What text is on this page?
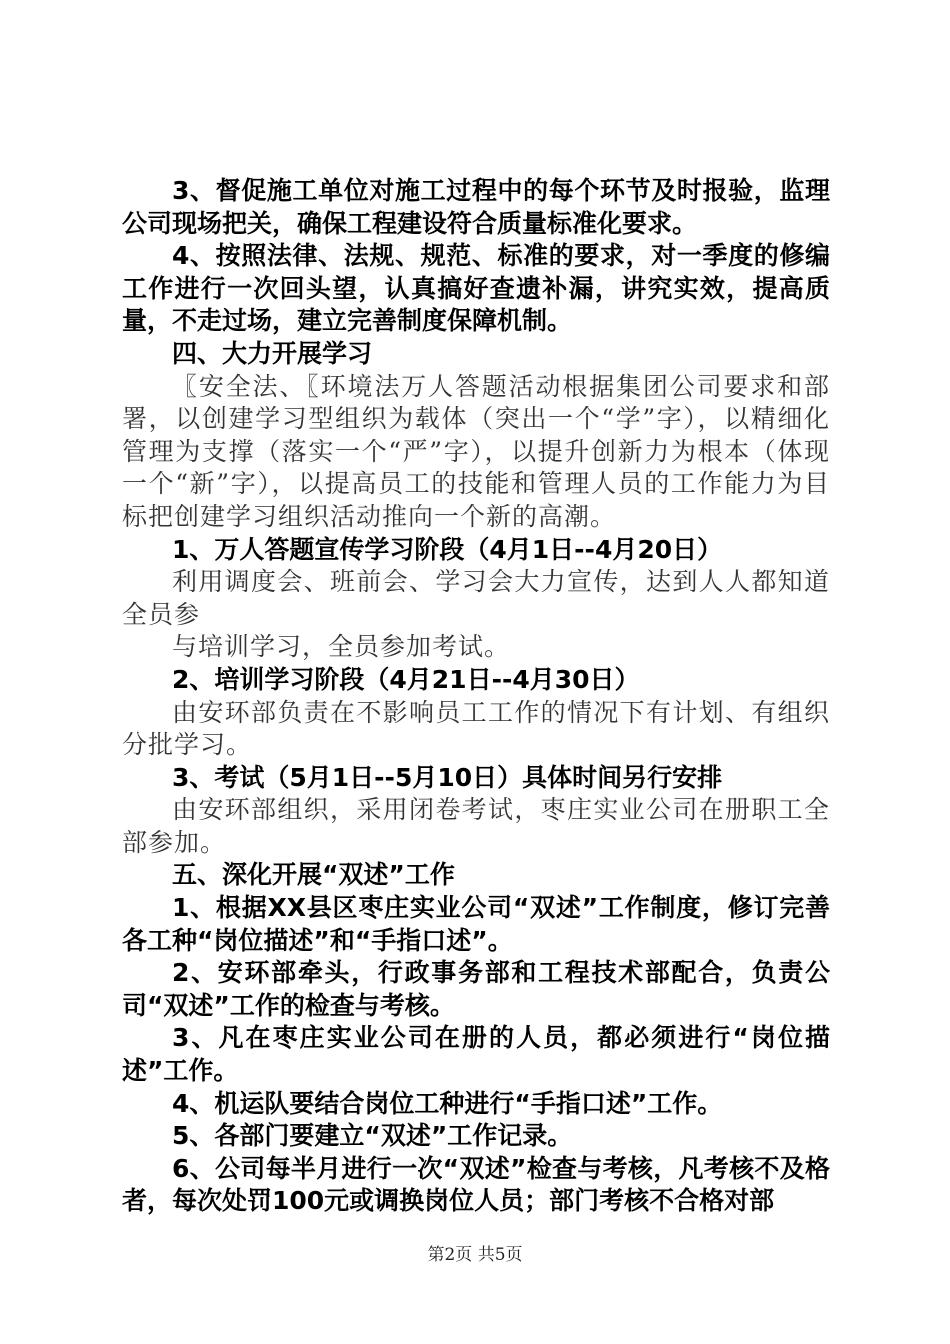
3、督促施工单位对施工过程中的每个环节及时报验，监理公司现场把关，确保工程建设符合质量标准化要求。

4、按照法律、法规、规范、标准的要求，对一季度的修编工作进行一次回头望，认真搞好查遗补漏，讲究实效，提高质量，不走过场，建立完善制度保障机制。

四、大力开展学习

〖安全法、〖环境法万人答题活动根据集团公司要求和部署，以创建学习型组织为载体（突出一个“学”字），以精细化管理为支撑（落实一个“严”字），以提升创新力为根本（体现一个“新”字），以提高员工的技能和管理人员的工作能力为目标把创建学习组织活动推向一个新的高潮。

1、万人答题宣传学习阶段（4月1日--4月20日）

利用调度会、班前会、学习会大力宣传，达到人人都知道全员参

与培训学习，全员参加考试。

2、培训学习阶段（4月21日--4月30日）

由安环部负责在不影响员工工作的情况下有计划、有组织分批学习。

3、考试（5月1日--5月10日）具体时间另行安排

由安环部组织，采用闭卷考试，枣庄实业公司在册职工全部参加。

五、深化开展“双述”工作

1、根据XX县区枣庄实业公司“双述”工作制度，修订完善各工种“岗位描述”和“手指口述”。

2、安环部牵头，行政事务部和工程技术部配合，负责公司“双述”工作的检查与考核。

3、凡在枣庄实业公司在册的人员，都必须进行“岗位描述”工作。

4、机运队要结合岗位工种进行“手指口述”工作。

5、各部门要建立“双述”工作记录。

6、公司每半月进行一次“双述”检查与考核，凡考核不及格者，每次处罚100元或调换岗位人员；部门考核不合格对部

第2页 共5页
